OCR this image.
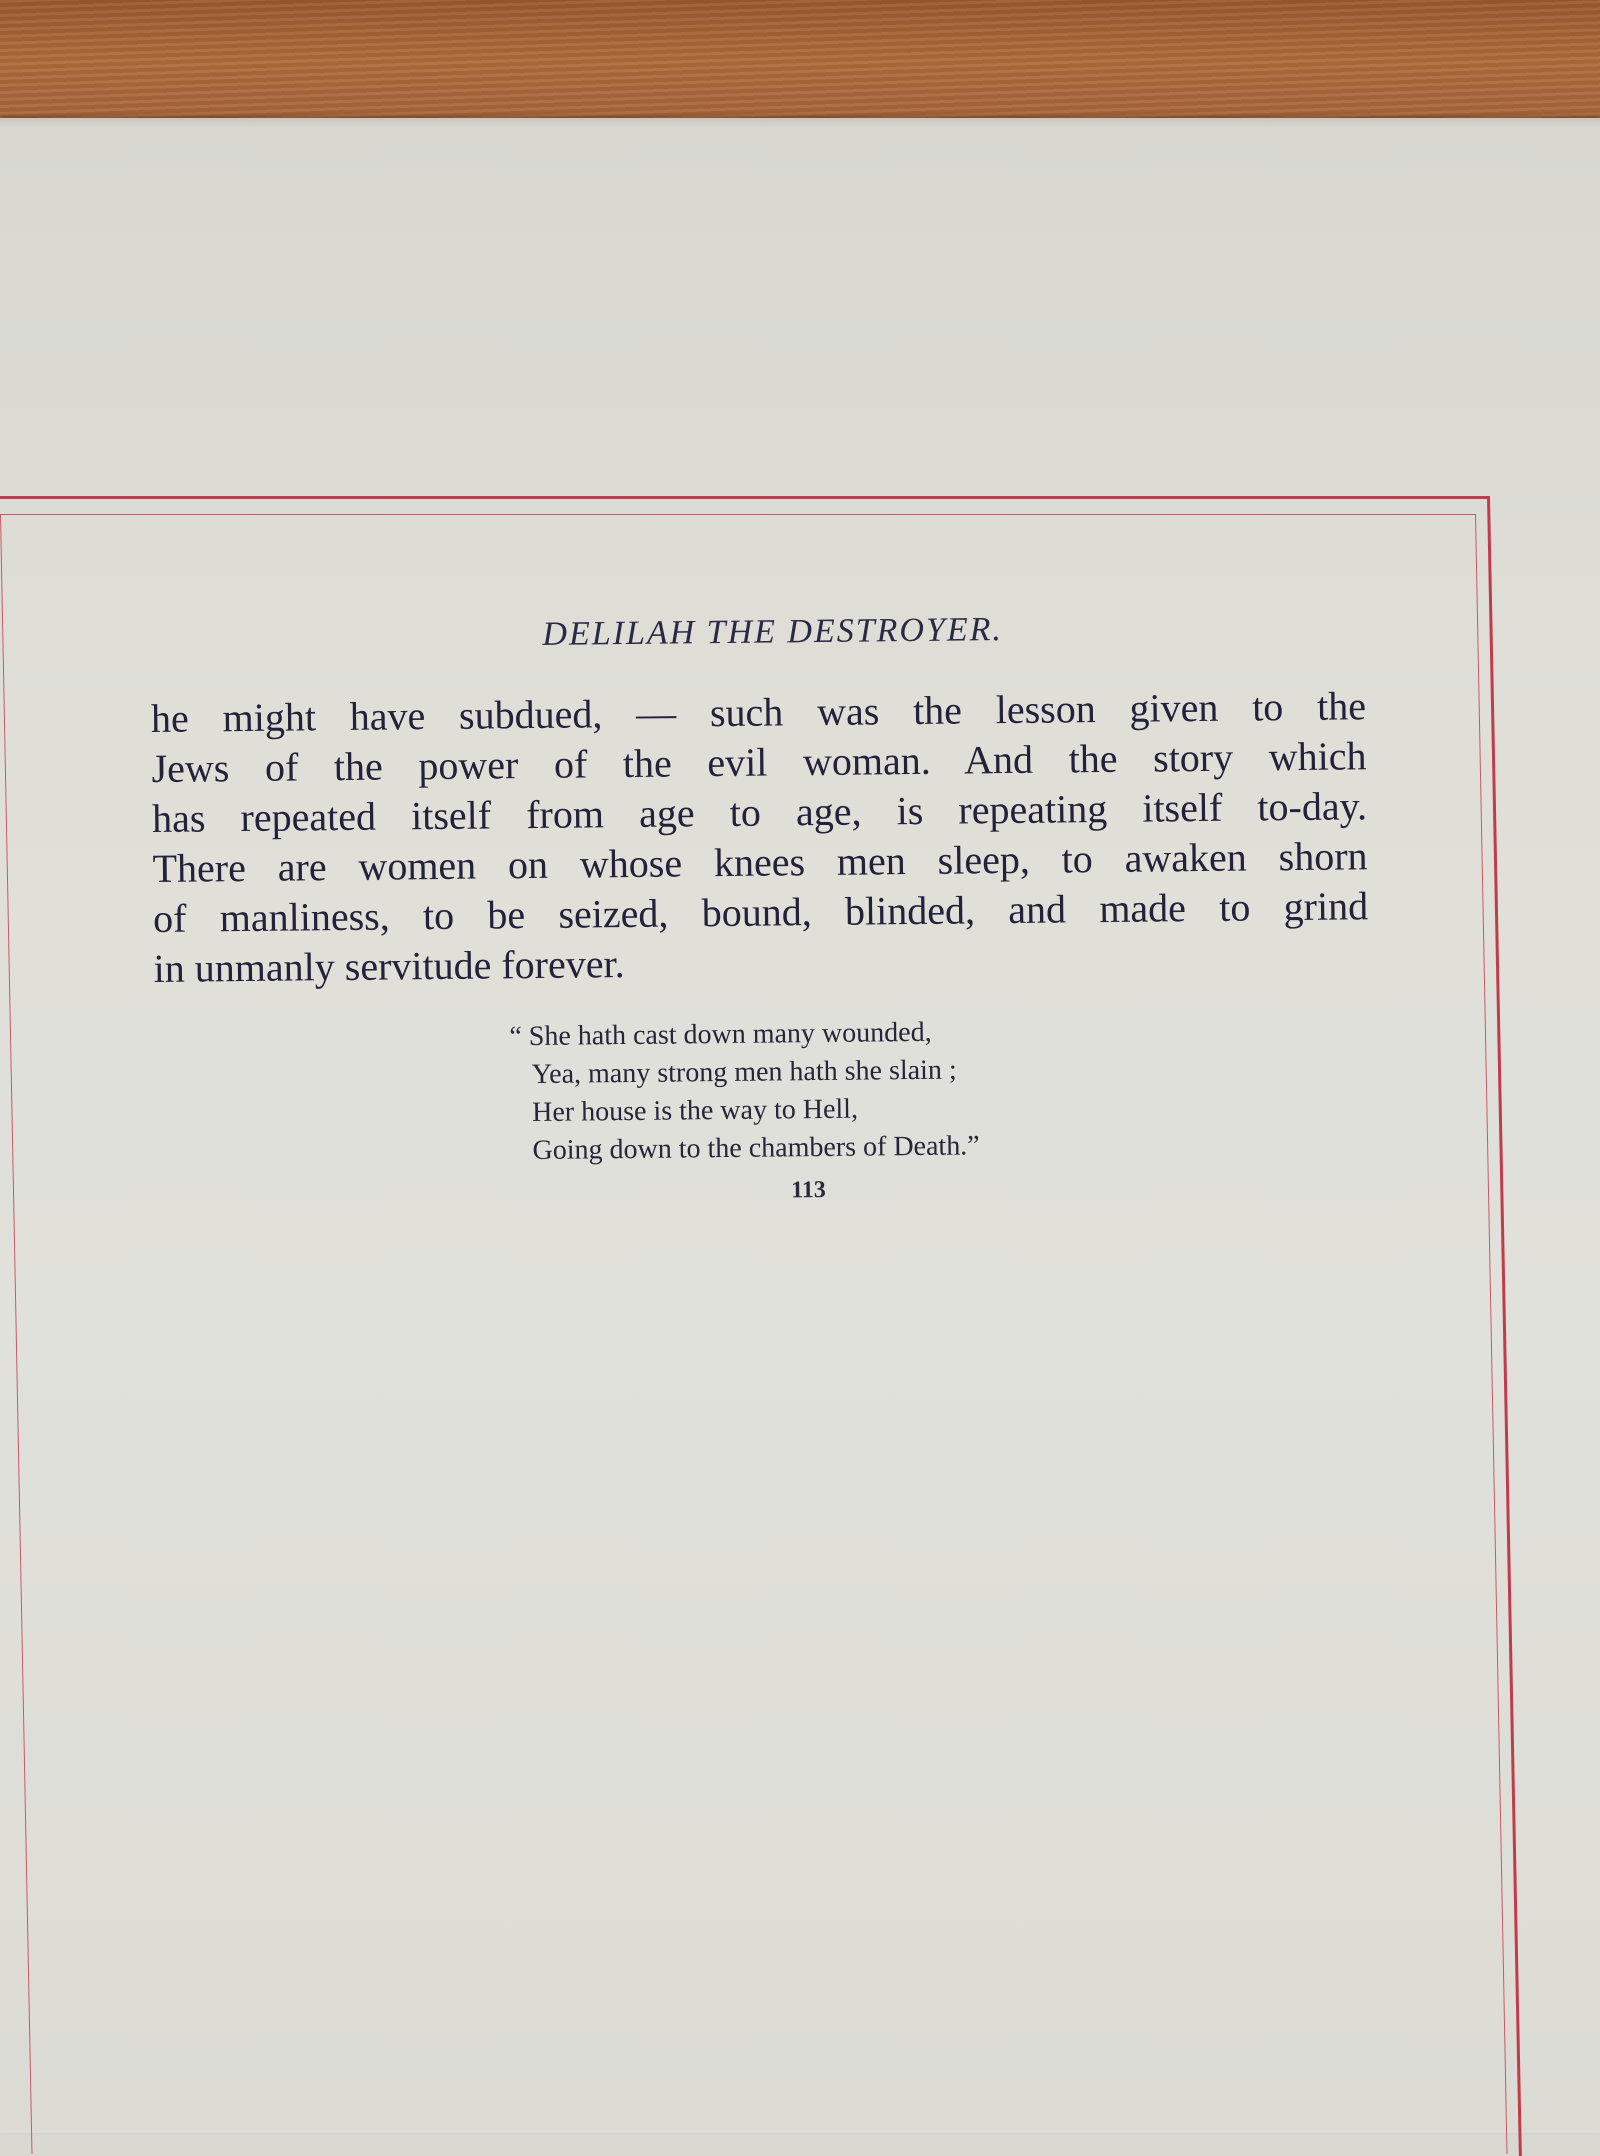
DELILAH THE DESTROYER.

he might have subdued, — such was the lesson given to the
Jews of the power of the evil woman. And the story which
has repeated itself from age to age, is repeating itself to-day.
There are women on whose knees men sleep, to awaken shorn
of manliness, to be seized, bound, blinded, and made to grind
in unmanly servitude forever.

“ She hath cast down many wounded,
Yea, many strong men hath she slain ;
Her house is the way to Hell,
Going down to the chambers of Death.”
113
